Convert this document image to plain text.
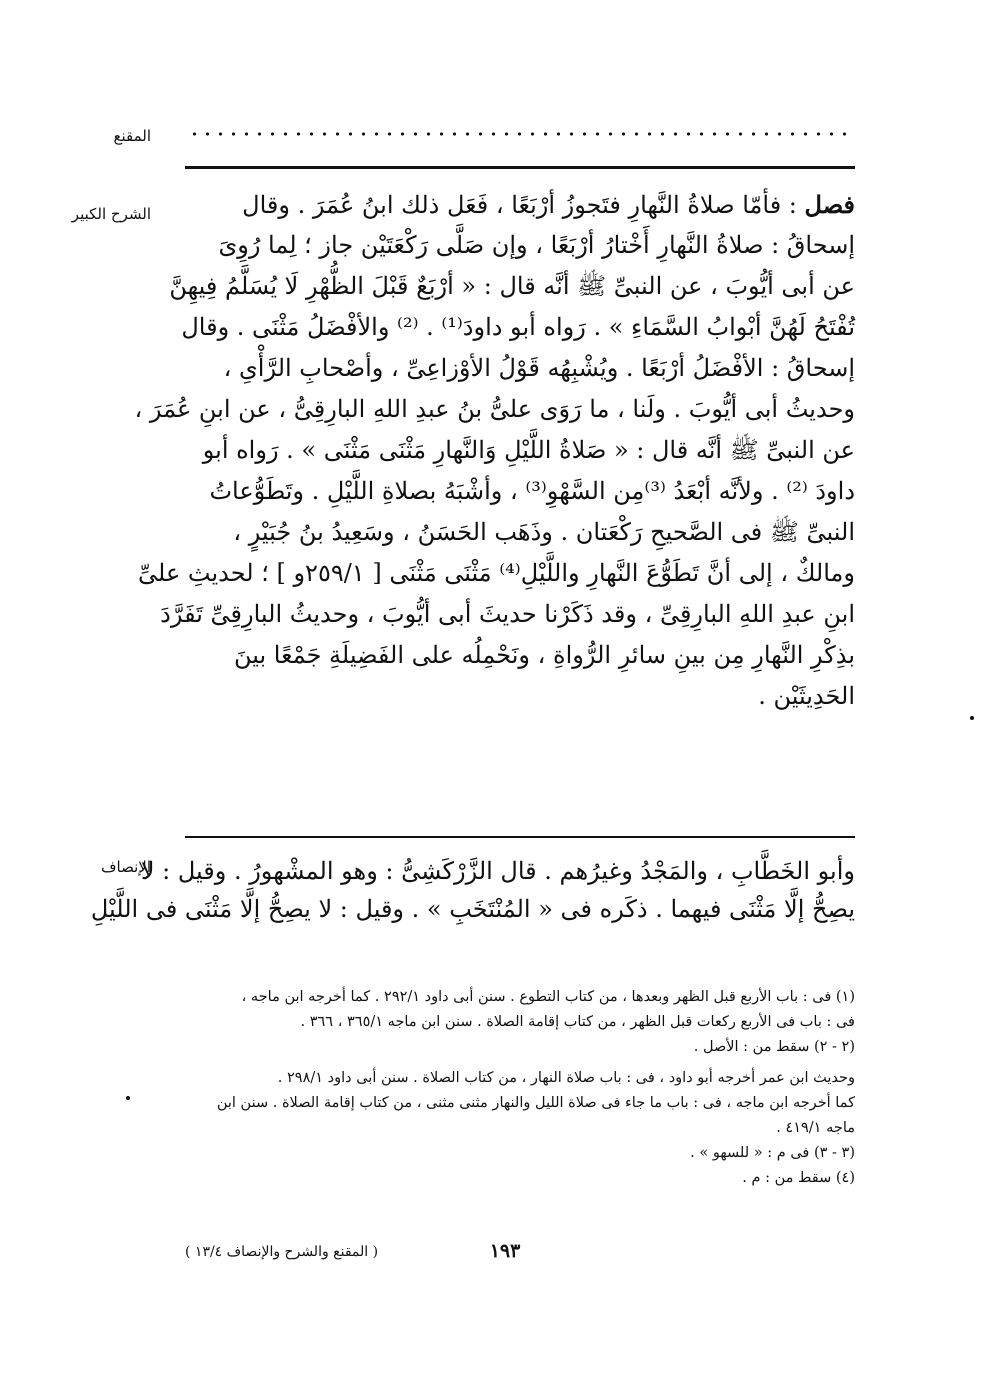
المقنع
الشرح الكبير	فصل : فأمّا صلاةُ النَّهارِ فتَجوزُ أرْبَعًا ، فَعَل ذلك ابنُ عُمَرَ . وقال
إسحاقُ : صلاةُ النَّهارِ أَخْتارُ أرْبَعًا ، وإن صَلَّى رَكْعَتَيْن جاز ؛ لِما رُوِىَ
عن أبى أيُّوبَ ، عن النبىِّ ﷺ أنَّه قال : « أرْبَعٌ قَبْلَ الظُّهْرِ لَا يُسَلَّمُ فِيهِنَّ
تُفْتَحُ لَهُنَّ أبْوابُ السَّمَاءِ » . رَواه أبو داودَ⁽¹⁾ . ⁽²⁾ والأفْضَلُ مَثْنَى . وقال
إسحاقُ : الأفْضَلُ أرْبَعًا . ويُشْبِهُه قَوْلُ الأوْزاعِىِّ ، وأصْحابِ الرَّأْىِ ،
وحديثُ أبى أيُّوبَ . ولَنا ، ما رَوَى علىُّ بنُ عبدِ اللهِ البارِقِىُّ ، عن ابنِ عُمَرَ ،
عن النبىِّ ﷺ أنَّه قال : « صَلاةُ اللَّيْلِ وَالنَّهارِ مَثْنَى مَثْنَى » . رَواه أبو
داودَ ⁽²⁾ . ولأنَّه أبْعَدُ ⁽³⁾مِن السَّهْوِ⁽³⁾ ، وأشْبَهُ بصلاةِ اللَّيْلِ . وتَطَوُّعاتُ
النبىِّ ﷺ فى الصَّحيحِ رَكْعَتان . وذَهَب الحَسَنُ ، وسَعِيدُ بنُ جُبَيْرٍ ،
ومالكٌ ، إلى أنَّ تَطَوُّعَ النَّهارِ واللَّيْلِ⁽⁴⁾ مَثْنَى مَثْنَى [ ٢٥٩/١و ] ؛ لحديثِ علىِّ
ابنِ عبدِ اللهِ البارِقِىِّ ، وقد ذَكَرْنا حديثَ أبى أيُّوبَ ، وحديثُ البارِقِىِّ تَفَرَّدَ
بذِكْرِ النَّهارِ مِن بينِ سائرِ الرُّواةِ ، ونَحْمِلُه على الفَضِيلَةِ جَمْعًا بينَ
الحَدِيثَيْن .
الإنصاف
وأبو الخَطَّابِ ، والمَجْدُ وغيرُهم . قال الزَّرْكَشِىُّ : وهو المشْهورُ . وقيل : لا
يصِحُّ إلَّا مَثْنَى فيهما . ذكَره فى « المُنْتَخَبِ » . وقيل : لا يصِحُّ إلَّا مَثْنَى فى اللَّيْلِ
(١) فى : باب الأربع قبل الظهر وبعدها ، من كتاب التطوع . سنن أبى داود ٢٩٢/١ . كما أخرجه ابن ماجه ،
فى : باب فى الأربع ركعات قبل الظهر ، من كتاب إقامة الصلاة . سنن ابن ماجه ٣٦٥/١ ، ٣٦٦ .
(٢ - ٢) سقط من : الأصل .
وحديث ابن عمر أخرجه أبو داود ، فى : باب صلاة النهار ، من كتاب الصلاة . سنن أبى داود ٢٩٨/١ .
كما أخرجه ابن ماجه ، فى : باب ما جاء فى صلاة الليل والنهار مثنى مثنى ، من كتاب إقامة الصلاة . سنن ابن
ماجه ٤١٩/١ .
(٣ - ٣) فى م : « للسهو » .
(٤) سقط من : م .
١٩٣
( المقنع والشرح والإنصاف ١٣/٤ )
